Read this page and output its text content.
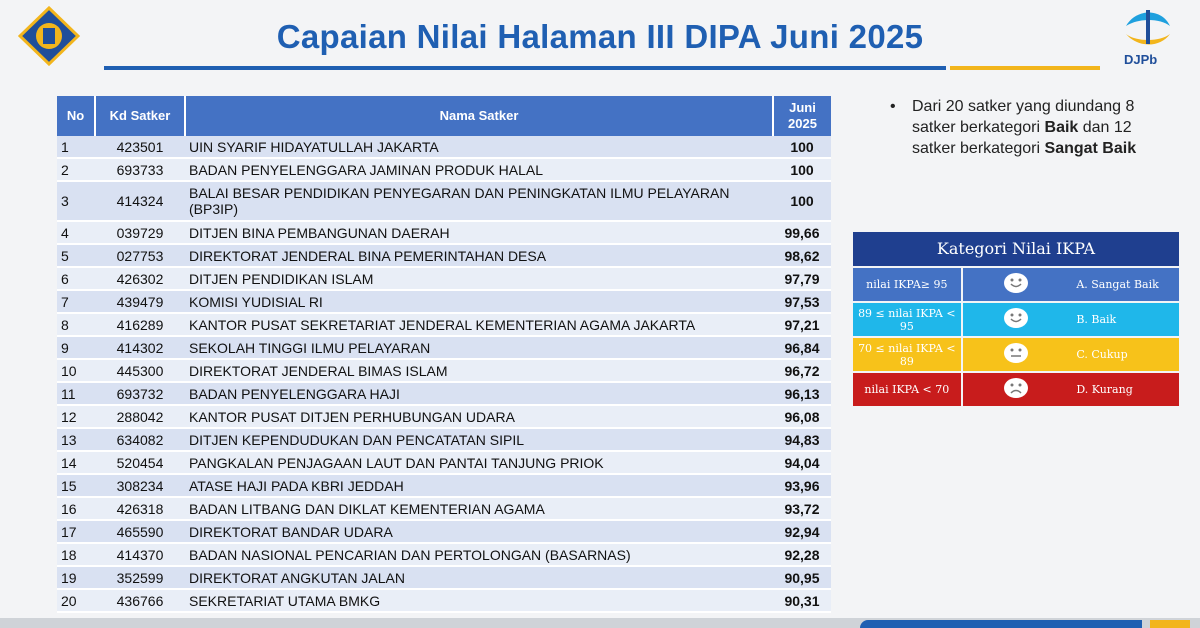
DJPb
Capaian Nilai Halaman III DIPA Juni 2025
No	Kd Satker	Nama Satker	Juni
2025
1	423501	UIN SYARIF HIDAYATULLAH JAKARTA	100
2	693733	BADAN PENYELENGGARA JAMINAN PRODUK HALAL	100
3	414324	BALAI BESAR PENDIDIKAN PENYEGARAN DAN PENINGKATAN ILMU PELAYARAN (BP3IP)	100
4	039729	DITJEN BINA PEMBANGUNAN DAERAH	99,66
5	027753	DIREKTORAT JENDERAL BINA PEMERINTAHAN DESA	98,62
6	426302	DITJEN PENDIDIKAN ISLAM	97,79
7	439479	KOMISI YUDISIAL RI	97,53
8	416289	KANTOR PUSAT SEKRETARIAT JENDERAL KEMENTERIAN AGAMA JAKARTA	97,21
9	414302	SEKOLAH TINGGI ILMU PELAYARAN	96,84
10	445300	DIREKTORAT JENDERAL BIMAS ISLAM	96,72
11	693732	BADAN PENYELENGGARA HAJI	96,13
12	288042	KANTOR PUSAT DITJEN PERHUBUNGAN UDARA	96,08
13	634082	DITJEN KEPENDUDUKAN DAN PENCATATAN SIPIL	94,83
14	520454	PANGKALAN PENJAGAAN LAUT DAN PANTAI TANJUNG PRIOK	94,04
15	308234	ATASE HAJI PADA KBRI JEDDAH	93,96
16	426318	BADAN LITBANG DAN DIKLAT KEMENTERIAN AGAMA	93,72
17	465590	DIREKTORAT BANDAR UDARA	92,94
18	414370	BADAN NASIONAL PENCARIAN DAN PERTOLONGAN (BASARNAS)	92,28
19	352599	DIREKTORAT ANGKUTAN JALAN	90,95
20	436766	SEKRETARIAT UTAMA BMKG	90,31
• Dari 20 satker yang diundang 8 satker berkategori Baik dan 12 satker berkategori Sangat Baik
Kategori Nilai IKPA		
nilai IKPA≥ 95		A. Sangat Baik
89 ≤ nilai IKPA < 95		B. Baik
70 ≤ nilai IKPA < 89		C. Cukup
nilai IKPA < 70		D. Kurang
